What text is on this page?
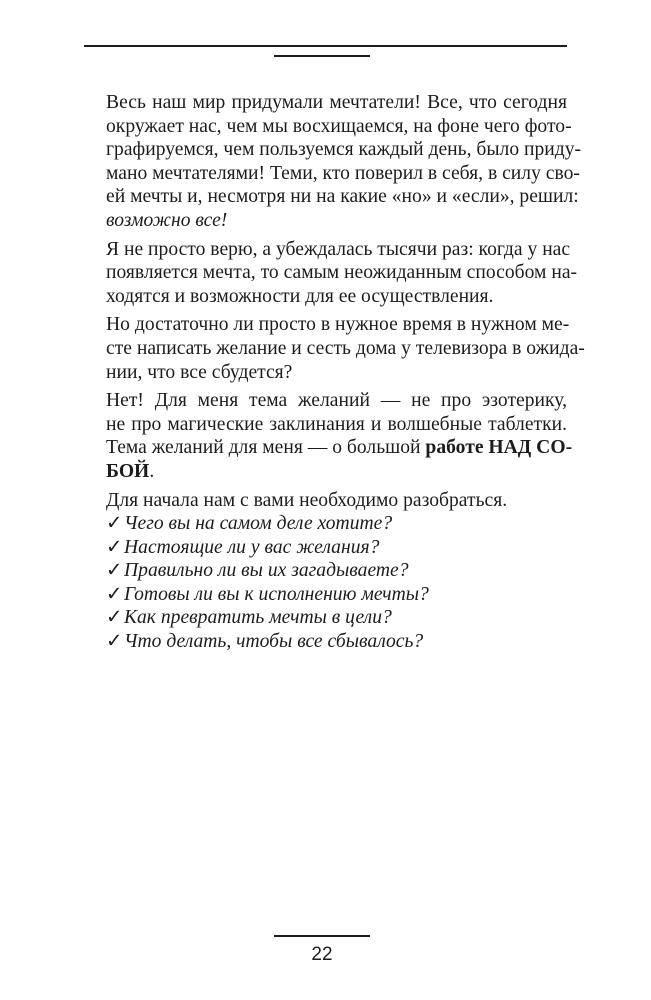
Весь наш мир придумали мечтатели! Все, что сегодня
окружает нас, чем мы восхищаемся, на фоне чего фото-
графируемся, чем пользуемся каждый день, было приду-
мано мечтателями! Теми, кто поверил в себя, в силу сво-
ей мечты и, несмотря ни на какие «но» и «если», решил:
возможно все!
Я не просто верю, а убеждалась тысячи раз: когда у нас
появляется мечта, то самым неожиданным способом на-
ходятся и возможности для ее осуществления.
Но достаточно ли просто в нужное время в нужном ме-
сте написать желание и сесть дома у телевизора в ожида-
нии, что все сбудется?
Нет! Для меня тема желаний — не про эзотерику,
не про магические заклинания и волшебные таблетки.
Тема желаний для меня — о большой работе НАД СО-
БОЙ.
Для начала нам с вами необходимо разобраться.
✓Чего вы на самом деле хотите?
✓Настоящие ли у вас желания?
✓Правильно ли вы их загадываете?
✓Готовы ли вы к исполнению мечты?
✓Как превратить мечты в цели?
✓Что делать, чтобы все сбывалось?
22
